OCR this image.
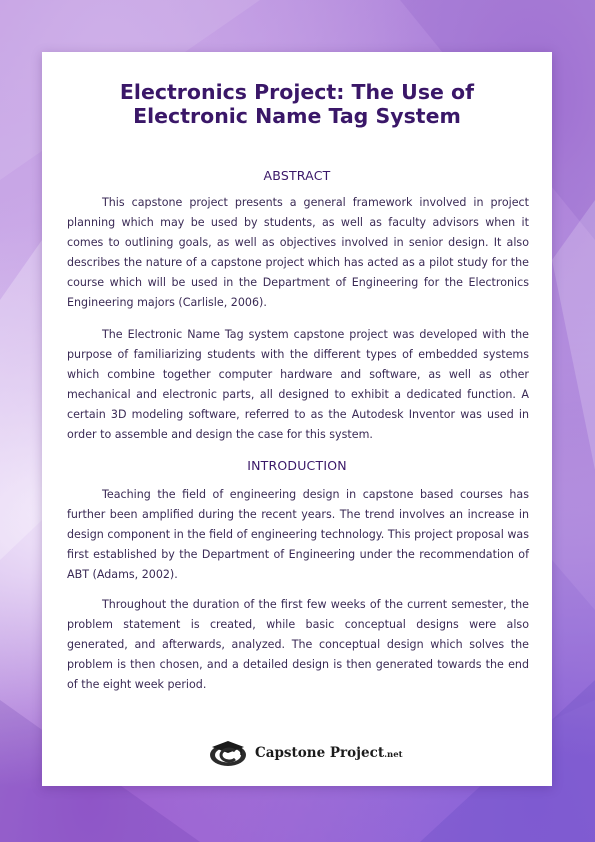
Electronics Project: The Use of
Electronic Name Tag System
ABSTRACT

This capstone project presents a general framework involved in project planning which may be used by students, as well as faculty advisors when it comes to outlining goals, as well as objectives involved in senior design. It also describes the nature of a capstone project which has acted as a pilot study for the course which will be used in the Department of Engineering for the Electronics Engineering majors (Carlisle, 2006).

The Electronic Name Tag system capstone project was developed with the purpose of familiarizing students with the different types of embedded systems which combine together computer hardware and software, as well as other mechanical and electronic parts, all designed to exhibit a dedicated function. A certain 3D modeling software, referred to as the Autodesk Inventor was used in order to assemble and design the case for this system.

INTRODUCTION

Teaching the field of engineering design in capstone based courses has further been amplified during the recent years. The trend involves an increase in design component in the field of engineering technology. This project proposal was first established by the Department of Engineering under the recommendation of ABT (Adams, 2002).

Throughout the duration of the first few weeks of the current semester, the problem statement is created, while basic conceptual designs were also generated, and afterwards, analyzed. The conceptual design which solves the problem is then chosen, and a detailed design is then generated towards the end of the eight week period.

Capstone Project.net
